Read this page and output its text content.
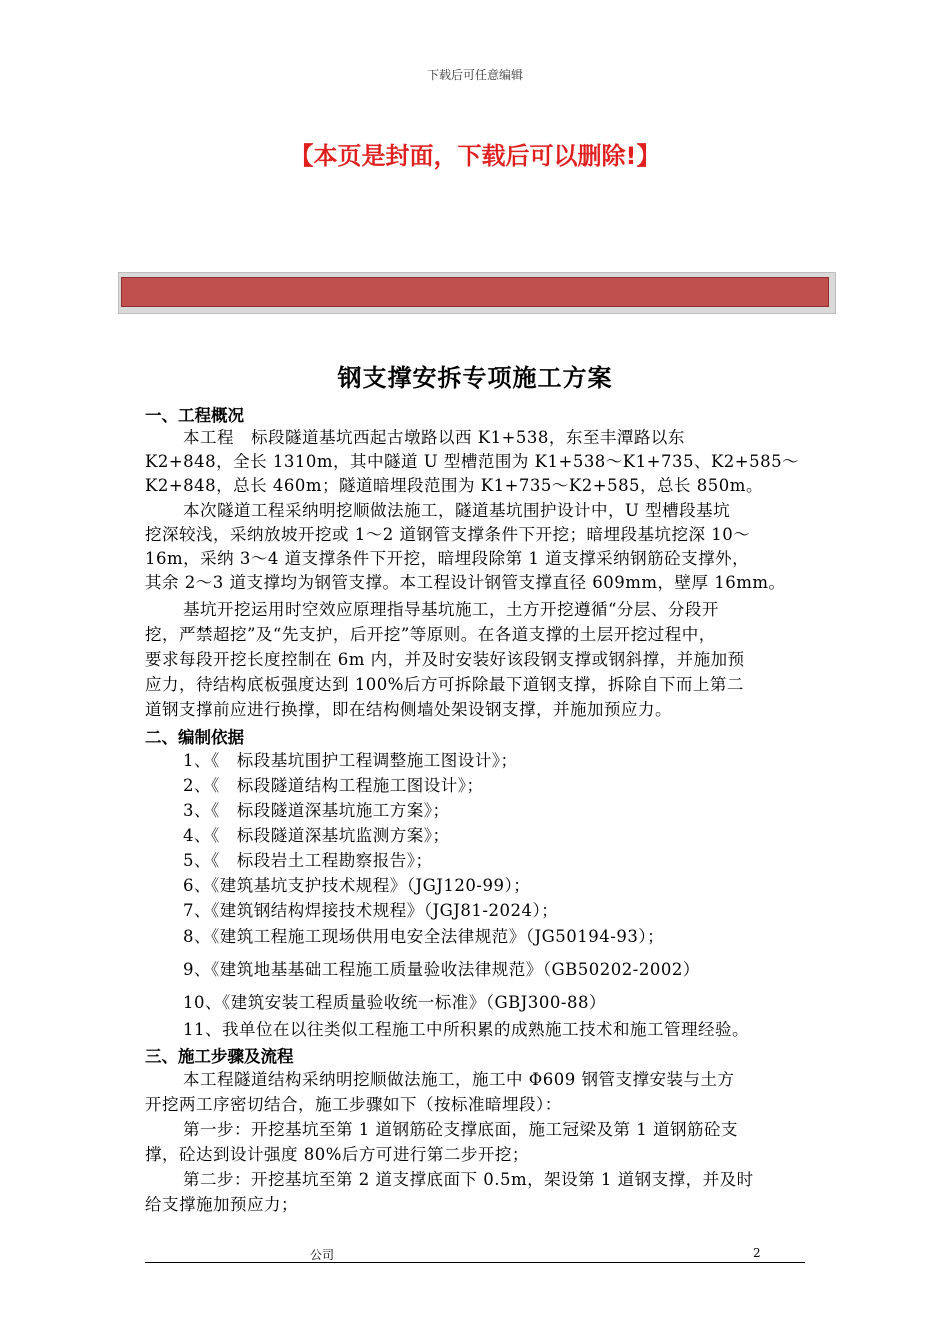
下载后可任意编辑
【本页是封面，下载后可以删除!】
钢支撑安拆专项施工方案
一、工程概况
本工程　标段隧道基坑西起古墩路以西 K1+538，东至丰潭路以东
K2+848，全长 1310m，其中隧道 U 型槽范围为 K1+538～K1+735、K2+585～
K2+848，总长 460m；隧道暗埋段范围为 K1+735～K2+585，总长 850m。
本次隧道工程采纳明挖顺做法施工，隧道基坑围护设计中，U 型槽段基坑
挖深较浅，采纳放坡开挖或 1～2 道钢管支撑条件下开挖；暗埋段基坑挖深 10～
16m，采纳 3～4 道支撑条件下开挖，暗埋段除第 1 道支撑采纳钢筋砼支撑外，
其余 2～3 道支撑均为钢管支撑。本工程设计钢管支撑直径 609mm，壁厚 16mm。
基坑开挖运用时空效应原理指导基坑施工，土方开挖遵循“分层、分段开
挖，严禁超挖”及“先支护，后开挖”等原则。在各道支撑的土层开挖过程中，
要求每段开挖长度控制在 6m 内，并及时安装好该段钢支撑或钢斜撑，并施加预
应力，待结构底板强度达到 100%后方可拆除最下道钢支撑，拆除自下而上第二
道钢支撑前应进行换撑，即在结构侧墙处架设钢支撑，并施加预应力。
二、编制依据
1、《　标段基坑围护工程调整施工图设计》；
2、《　标段隧道结构工程施工图设计》；
3、《　标段隧道深基坑施工方案》；
4、《　标段隧道深基坑监测方案》；
5、《　标段岩土工程勘察报告》；
6、《建筑基坑支护技术规程》（JGJ120-99）；
7、《建筑钢结构焊接技术规程》（JGJ81-2024）；
8、《建筑工程施工现场供用电安全法律规范》（JG50194-93）；
9、《建筑地基基础工程施工质量验收法律规范》（GB50202-2002）
10、《建筑安装工程质量验收统一标准》（GBJ300-88）
11、我单位在以往类似工程施工中所积累的成熟施工技术和施工管理经验。
三、施工步骤及流程
本工程隧道结构采纳明挖顺做法施工，施工中 Φ609 钢管支撑安装与土方
开挖两工序密切结合，施工步骤如下（按标准暗埋段）：
第一步：开挖基坑至第 1 道钢筋砼支撑底面，施工冠梁及第 1 道钢筋砼支
撑，砼达到设计强度 80%后方可进行第二步开挖；
第二步：开挖基坑至第 2 道支撑底面下 0.5m，架设第 1 道钢支撑，并及时
给支撑施加预应力；
公司	2
